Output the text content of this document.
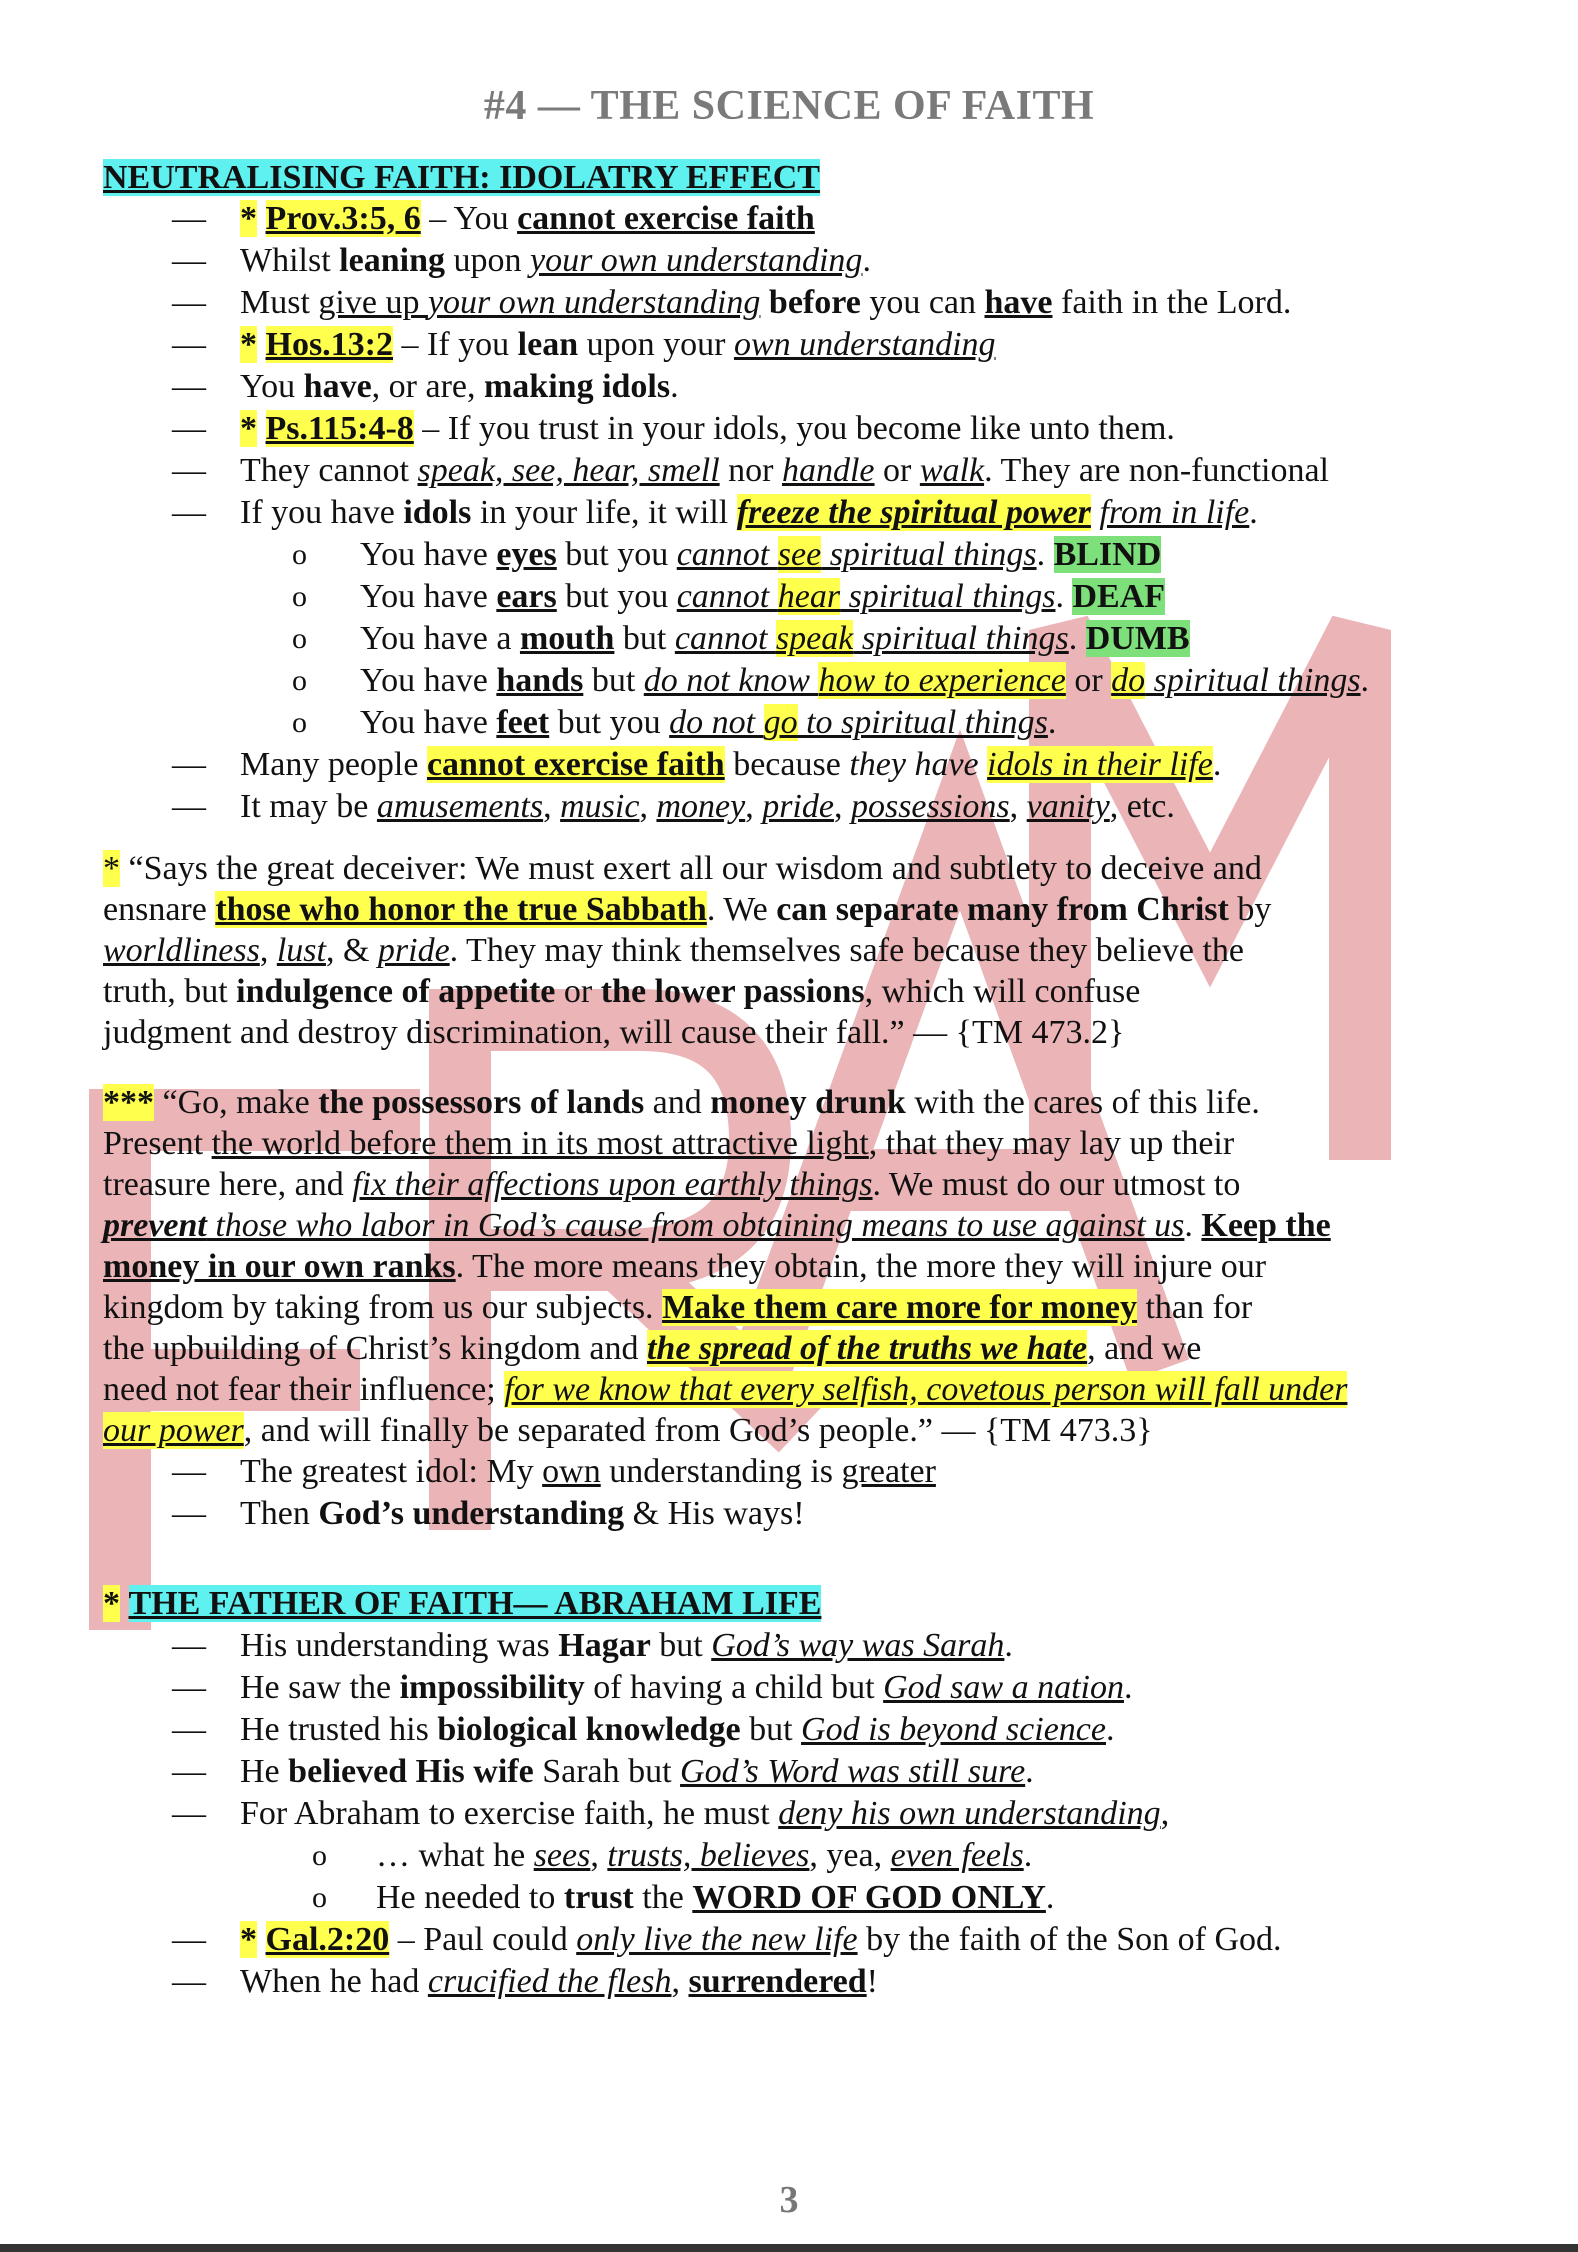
#4 — THE SCIENCE OF FAITH
NEUTRALISING FAITH: IDOLATRY EFFECT
— * Prov.3:5, 6 – You cannot exercise faith
— Whilst leaning upon your own understanding.
— Must give up your own understanding before you can have faith in the Lord.
— * Hos.13:2 – If you lean upon your own understanding
— You have, or are, making idols.
— * Ps.115:4-8 – If you trust in your idols, you become like unto them.
— They cannot speak, see, hear, smell nor handle or walk. They are non-functional
— If you have idols in your life, it will freeze the spiritual power from in life.
o You have eyes but you cannot see spiritual things. BLIND
o You have ears but you cannot hear spiritual things. DEAF
o You have a mouth but cannot speak spiritual things. DUMB
o You have hands but do not know how to experience or do spiritual things.
o You have feet but you do not go to spiritual things.
— Many people cannot exercise faith because they have idols in their life.
— It may be amusements, music, money, pride, possessions, vanity, etc.
* “Says the great deceiver: We must exert all our wisdom and subtlety to deceive and
ensnare those who honor the true Sabbath. We can separate many from Christ by
worldliness, lust, & pride. They may think themselves safe because they believe the
truth, but indulgence of appetite or the lower passions, which will confuse
judgment and destroy discrimination, will cause their fall.” — {TM 473.2}
*** “Go, make the possessors of lands and money drunk with the cares of this life.
Present the world before them in its most attractive light, that they may lay up their
treasure here, and fix their affections upon earthly things. We must do our utmost to
prevent those who labor in God’s cause from obtaining means to use against us. Keep the
money in our own ranks. The more means they obtain, the more they will injure our
kingdom by taking from us our subjects. Make them care more for money than for
the upbuilding of Christ’s kingdom and the spread of the truths we hate, and we
need not fear their influence; for we know that every selfish, covetous person will fall under
our power, and will finally be separated from God’s people.” — {TM 473.3}
— The greatest idol: My own understanding is greater
— Then God’s understanding & His ways!
* THE FATHER OF FAITH— ABRAHAM LIFE
— His understanding was Hagar but God’s way was Sarah.
— He saw the impossibility of having a child but God saw a nation.
— He trusted his biological knowledge but God is beyond science.
— He believed His wife Sarah but God’s Word was still sure.
— For Abraham to exercise faith, he must deny his own understanding,
o … what he sees, trusts, believes, yea, even feels.
o He needed to trust the WORD OF GOD ONLY.
— * Gal.2:20 – Paul could only live the new life by the faith of the Son of God.
— When he had crucified the flesh, surrendered!
3
